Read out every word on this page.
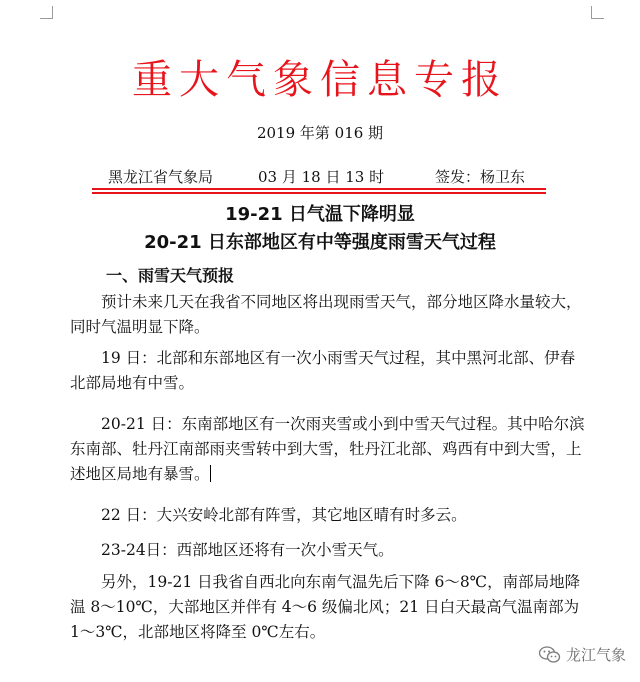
重大气象信息专报
2019 年第 016 期
黑龙江省气象局	03 月 18 日 13 时	签发：杨卫东
19-21 日气温下降明显
20-21 日东部地区有中等强度雨雪天气过程
一、雨雪天气预报
预计未来几天在我省不同地区将出现雨雪天气，部分地区降水量较大，同时气温明显下降。
19 日：北部和东部地区有一次小雨雪天气过程，其中黑河北部、伊春北部局地有中雪。
20-21 日：东南部地区有一次雨夹雪或小到中雪天气过程。其中哈尔滨东南部、牡丹江南部雨夹雪转中到大雪，牡丹江北部、鸡西有中到大雪，上述地区局地有暴雪。
22 日：大兴安岭北部有阵雪，其它地区晴有时多云。
23-24日：西部地区还将有一次小雪天气。
另外，19-21 日我省自西北向东南气温先后下降 6～8℃，南部局地降温 8～10℃，大部地区并伴有 4～6 级偏北风；21 日白天最高气温南部为 1～3℃，北部地区将降至 0℃左右。
龙江气象
